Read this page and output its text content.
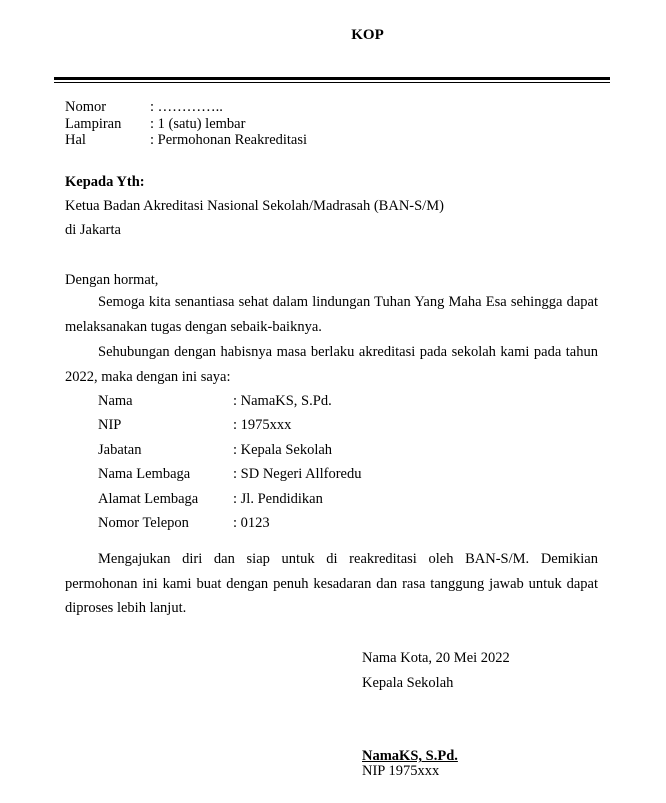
KOP
Nomor	: …………..
Lampiran : 1 (satu) lembar
Hal	: Permohonan Reakreditasi
Kepada Yth:
Ketua Badan Akreditasi Nasional Sekolah/Madrasah (BAN-S/M)
di Jakarta
Dengan hormat,

Semoga kita senantiasa sehat dalam lindungan Tuhan Yang Maha Esa sehingga dapat melaksanakan tugas dengan sebaik-baiknya.

Sehubungan dengan habisnya masa berlaku akreditasi pada sekolah kami pada tahun 2022, maka dengan ini saya:

Nama	: NamaKS, S.Pd.
NIP	: 1975xxx
Jabatan	: Kepala Sekolah
Nama Lembaga	: SD Negeri Allforedu
Alamat Lembaga : Jl. Pendidikan
Nomor Telepon	: 0123

Mengajukan diri dan siap untuk di reakreditasi oleh BAN-S/M. Demikian permohonan ini kami buat dengan penuh kesadaran dan rasa tanggung jawab untuk dapat diproses lebih lanjut.

Nama Kota, 20 Mei 2022
Kepala Sekolah
NamaKS, S.Pd.
NIP 1975xxx
